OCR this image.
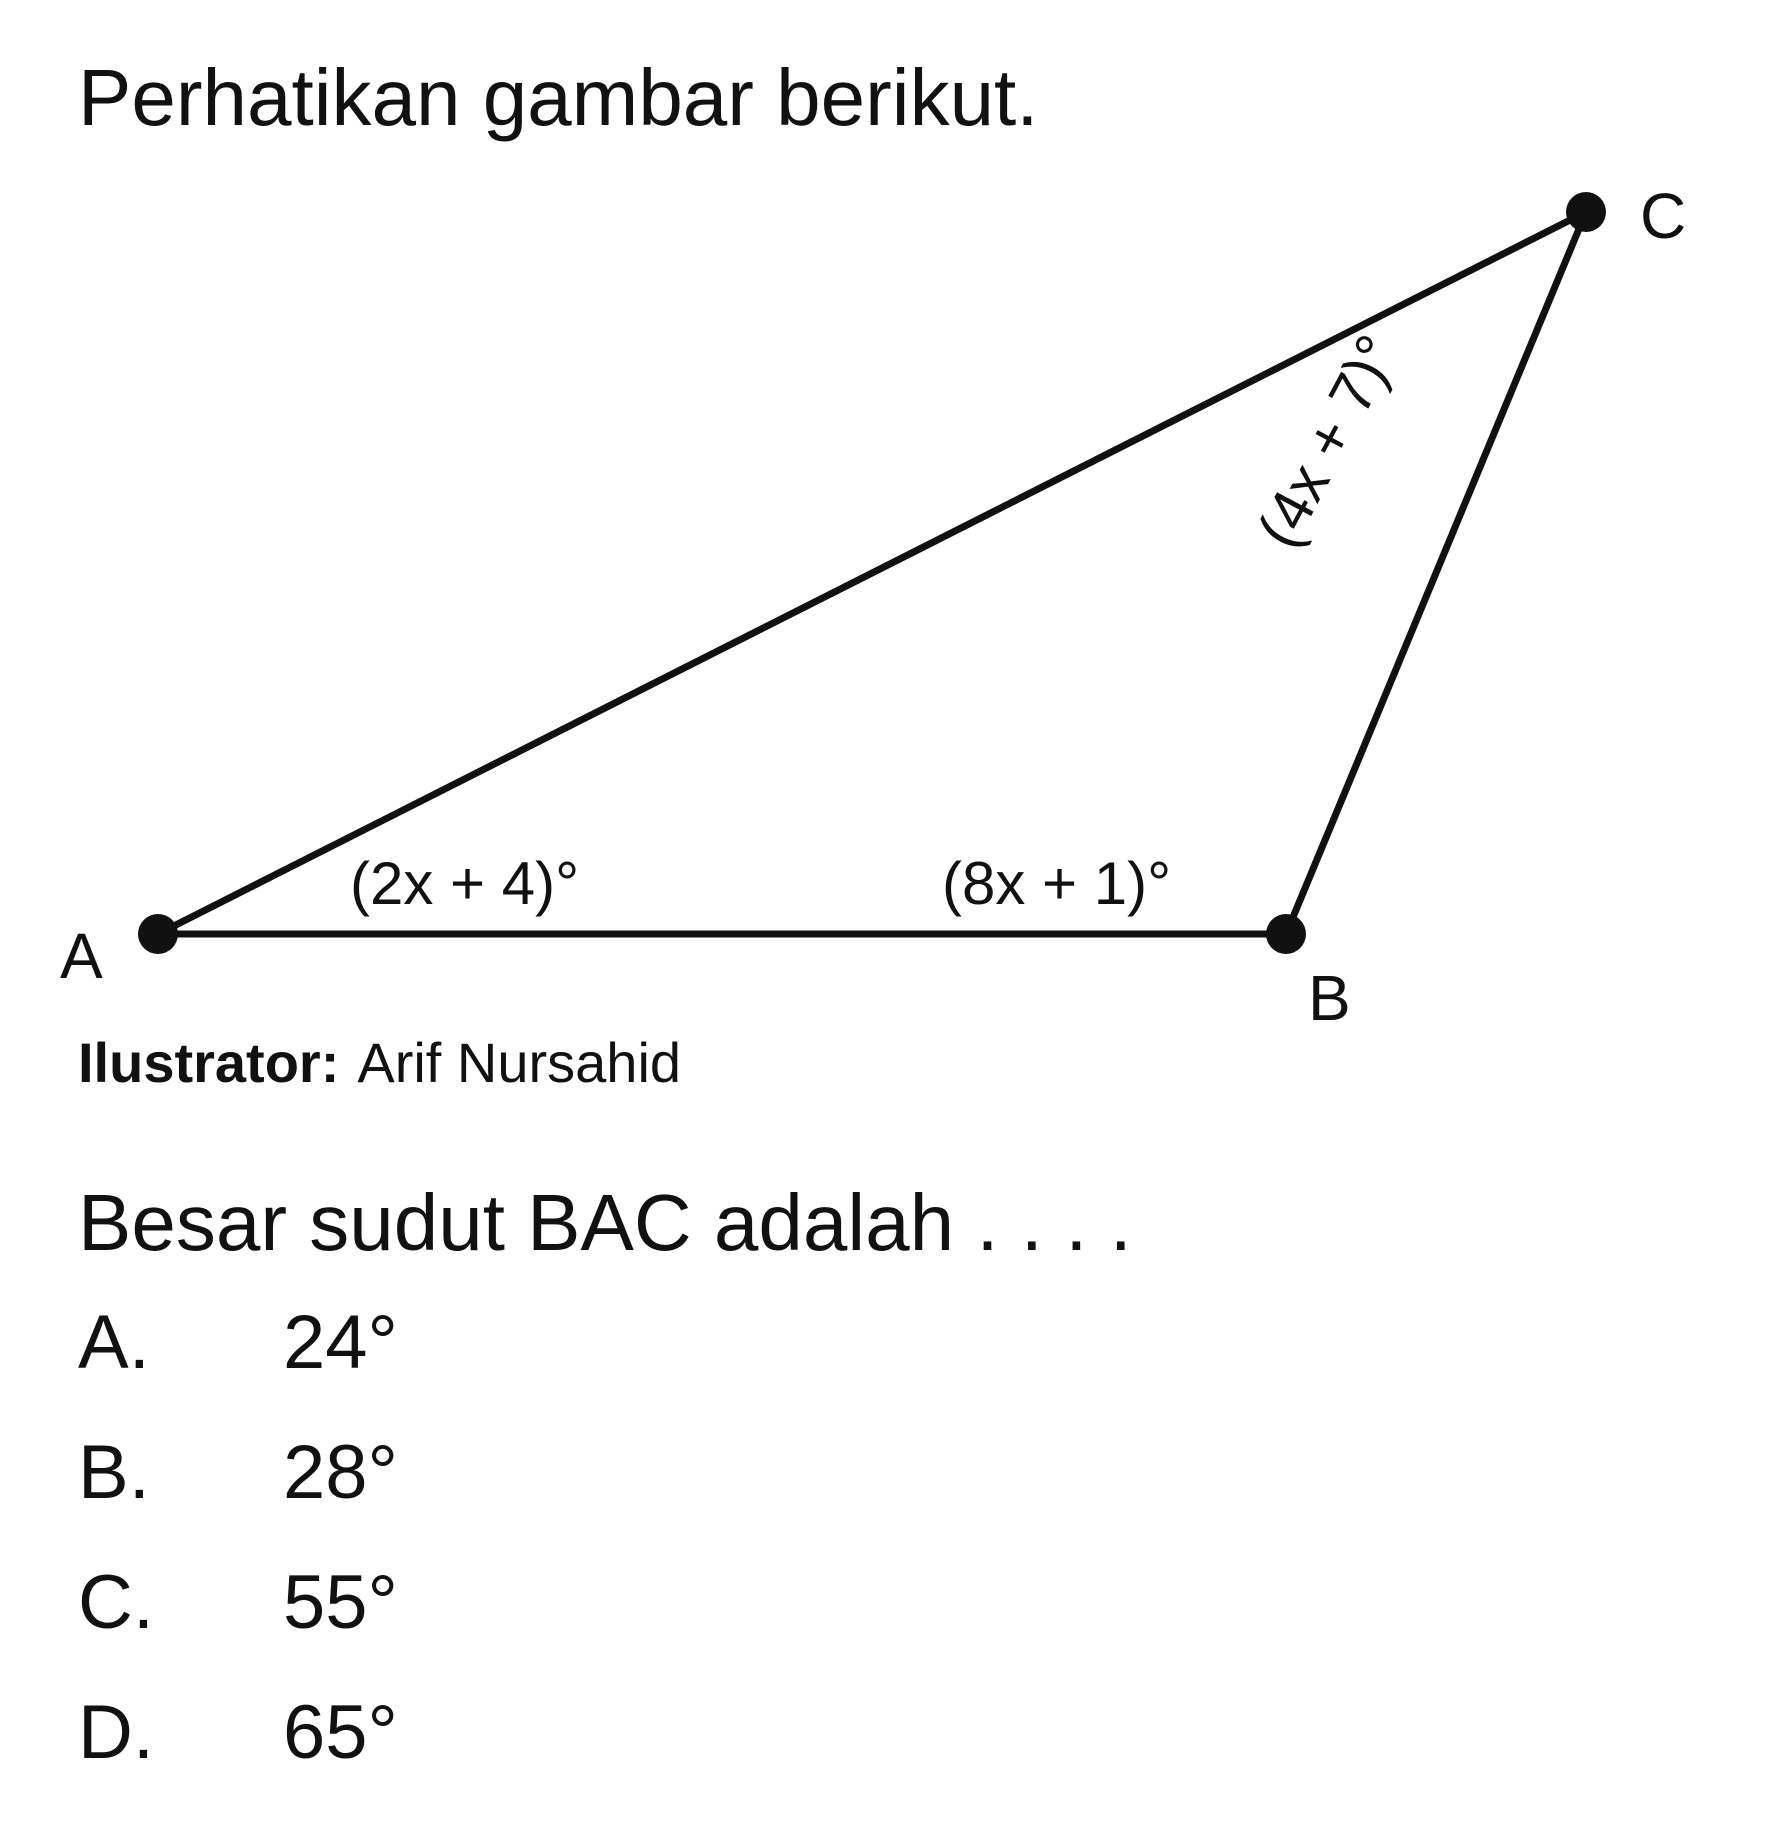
Perhatikan gambar berikut.
A
B
C
(2x + 4)°	(8x + 1)°
(4x + 7)°
Ilustrator: Arif Nursahid
Besar sudut BAC adalah . . . .
A. 24°
B. 28°
C. 55°
D. 65°
